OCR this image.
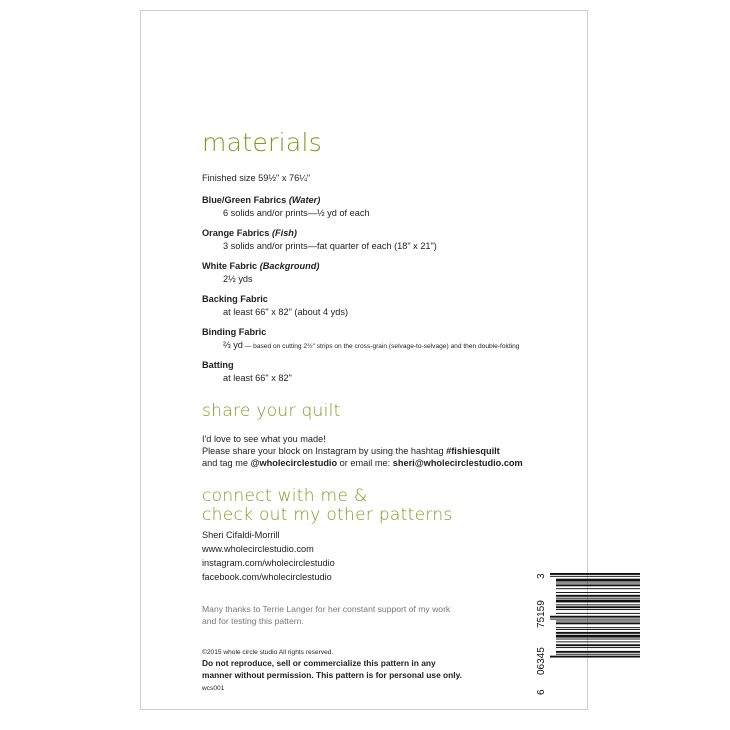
materials
Finished size 59½" x 76¼"
Blue/Green Fabrics (Water)
6 solids and/or prints—½ yd of each
Orange Fabrics (Fish)
3 solids and/or prints—fat quarter of each (18" x 21")
White Fabric (Background)
2½ yds
Backing Fabric
at least 66" x 82" (about 4 yds)
Binding Fabric
⅔ yd — based on cutting 2½" strips on the cross-grain (selvage-to-selvage) and then double-folding
Batting
at least 66" x 82"
share your quilt
I'd love to see what you made!
Please share your block on Instagram by using the hashtag #fishiesquilt
and tag me @wholecirclestudio or email me: sheri@wholecirclestudio.com
connect with me &
check out my other patterns
Sheri Cifaldi-Morrill
www.wholecirclestudio.com
instagram.com/wholecirclestudio
facebook.com/wholecirclestudio
Many thanks to Terrie Langer for her constant support of my work
and for testing this pattern.
©2015 whole circle studio All rights reserved.
Do not reproduce, sell or commercialize this pattern in any
manner without permission. This pattern is for personal use only.
wcs001
6
06345
75159
3
